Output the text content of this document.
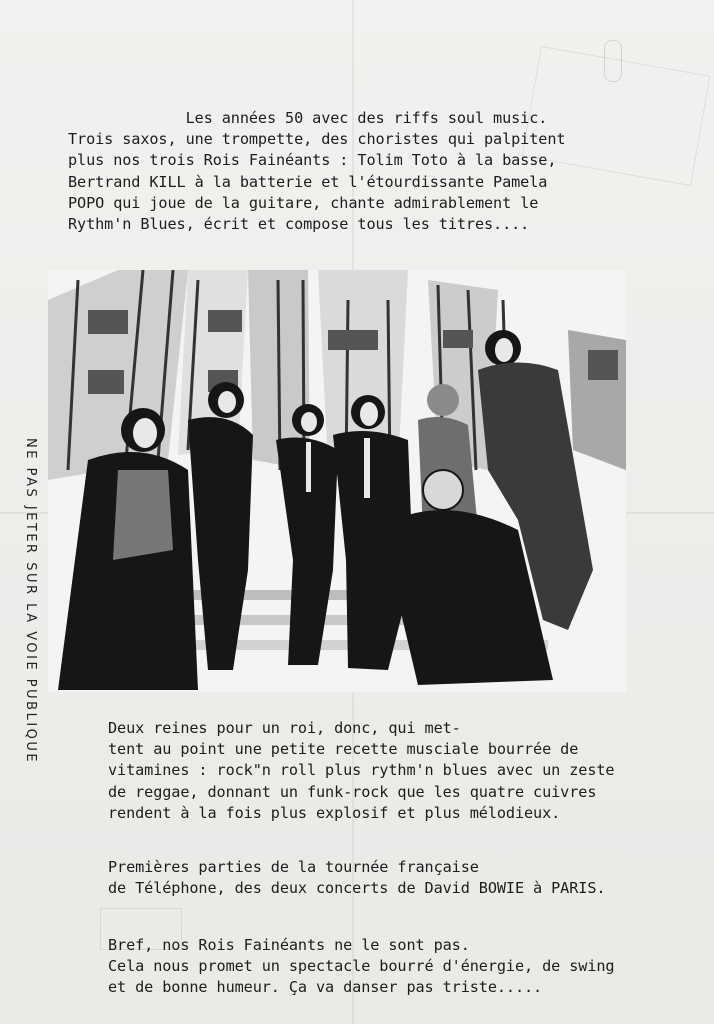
Les années 50 avec des riffs soul music.
Trois saxos, une trompette, des choristes qui palpitent
plus nos trois Rois Fainéants : Tolim Toto à la basse,
Bertrand KILL à la batterie et l'étourdissante Pamela
POPO qui joue de la guitare, chante admirablement le
Rythm'n Blues, écrit et compose tous les titres....
Deux reines pour un roi, donc, qui met-
tent au point une petite recette musciale bourrée de
vitamines : rock"n roll plus rythm'n blues avec un zeste
de reggae, donnant un funk-rock que les quatre cuivres
rendent à la fois plus explosif et plus mélodieux.
Premières parties de la tournée française
de Téléphone, des deux concerts de David BOWIE à PARIS.
Bref, nos Rois Fainéants ne le sont pas.
Cela nous promet un spectacle bourré d'énergie, de swing
et de bonne humeur. Ça va danser pas triste.....
NE PAS JETER SUR LA VOIE PUBLIQUE
